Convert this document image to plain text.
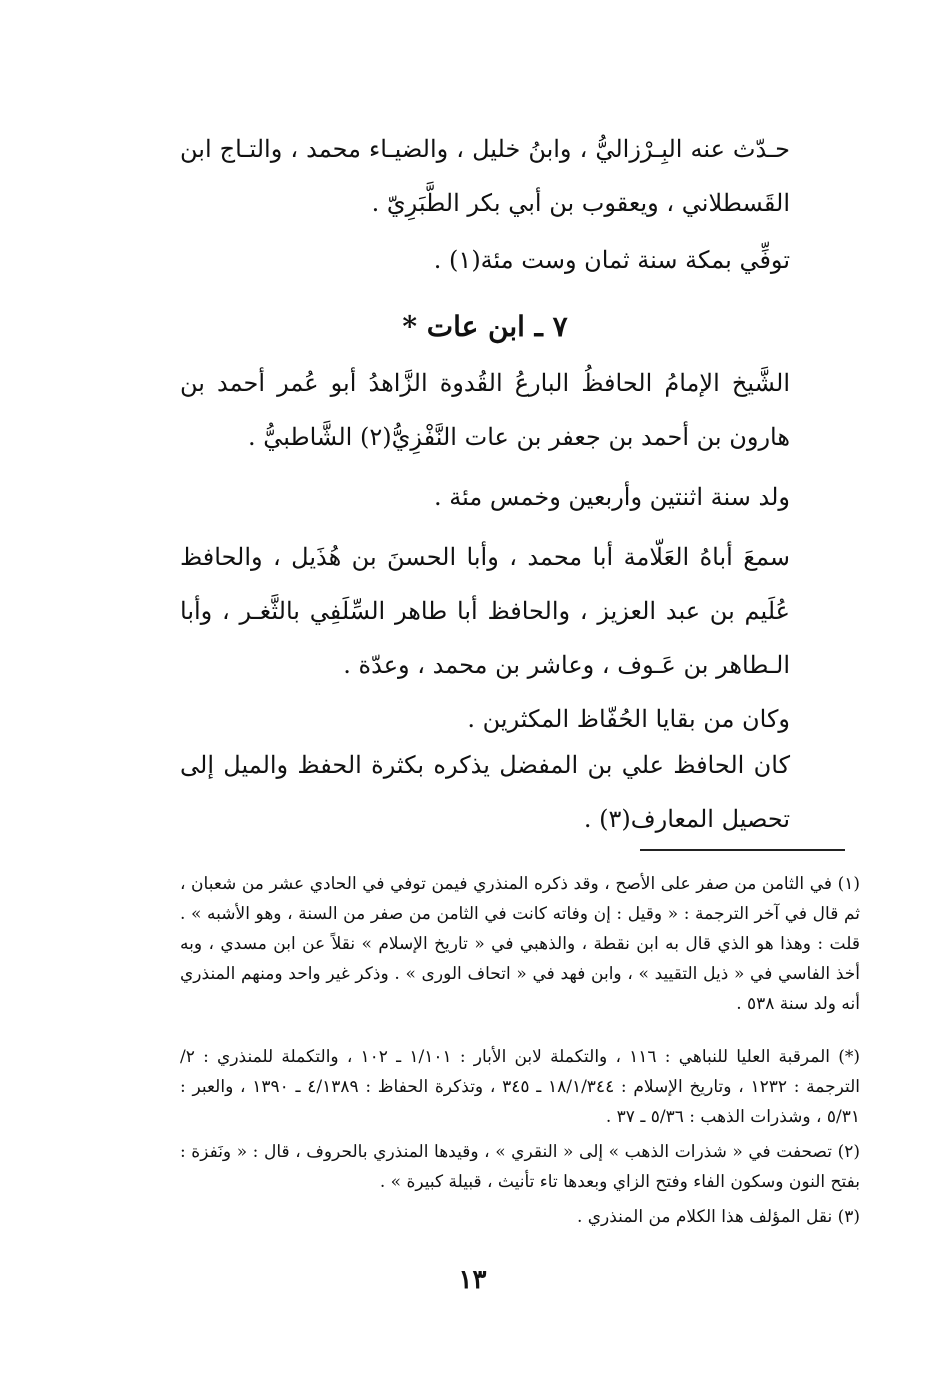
حـدّث عنه البِـرْزاليُّ ، وابنُ خليل ، والضيـاء محمد ، والتـاج ابن القَسطلاني ، ويعقوب بن أبي بكر الطَّبَرِيّ .

توفِّي بمكة سنة ثمان وست مئة(١) .

٧ ـ ابن عات *

الشَّيخ الإمامُ الحافظُ البارعُ القُدوة الزَّاهدُ أبو عُمر أحمد بن هارون بن أحمد بن جعفر بن عات النَّفْزِيُّ(٢) الشَّاطبيُّ .

ولد سنة اثنتين وأربعين وخمس مئة .

سمعَ أباهُ العَلّامة أبا محمد ، وأبا الحسنَ بن هُذَيل ، والحافظ عُلَيم بن عبد العزيز ، والحافظ أبا طاهر السِّلَفِي بالثَّغـر ، وأبا الـطاهر بن عَـوف ، وعاشر بن محمد ، وعدّة .

وكان من بقايا الحُفّاظ المكثرين .

كان الحافظ علي بن المفضل يذكره بكثرة الحفظ والميل إلى تحصيل المعارف(٣) .

(١) في الثامن من صفر على الأصح ، وقد ذكره المنذري فيمن توفي في الحادي عشر من شعبان ، ثم قال في آخر الترجمة : « وقيل : إن وفاته كانت في الثامن من صفر من السنة ، وهو الأشبه » . قلت : وهذا هو الذي قال به ابن نقطة ، والذهبي في « تاريخ الإسلام » نقلاً عن ابن مسدي ، وبه أخذ الفاسي في « ذيل التقييد » ، وابن فهد في « اتحاف الورى » . وذكر غير واحد ومنهم المنذري أنه ولد سنة ٥٣٨ .

(*) المرقبة العليا للنباهي : ١١٦ ، والتكملة لابن الأبار : ١/١٠١ ـ ١٠٢ ، والتكملة للمنذري : ٢/الترجمة : ١٢٣٢ ، وتاريخ الإسلام : ١٨/١/٣٤٤ ـ ٣٤٥ ، وتذكرة الحفاظ : ٤/١٣٨٩ ـ ١٣٩٠ ، والعبر : ٥/٣١ ، وشذرات الذهب : ٥/٣٦ ـ ٣٧ .

(٢) تصحفت في « شذرات الذهب » إلى « النقري » ، وقيدها المنذري بالحروف ، قال : « ونَفزة : بفتح النون وسكون الفاء وفتح الزاي وبعدها تاء تأنيث ، قبيلة كبيرة » .

(٣) نقل المؤلف هذا الكلام من المنذري .

١٣
